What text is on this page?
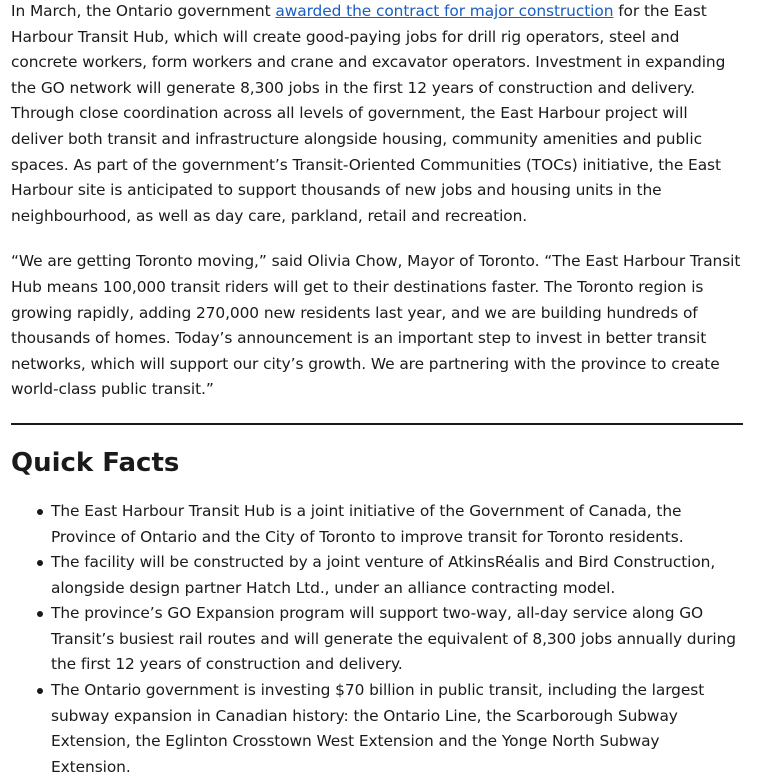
In March, the Ontario government awarded the contract for major construction for the East Harbour Transit Hub, which will create good-paying jobs for drill rig operators, steel and concrete workers, form workers and crane and excavator operators. Investment in expanding the GO network will generate 8,300 jobs in the first 12 years of construction and delivery. Through close coordination across all levels of government, the East Harbour project will deliver both transit and infrastructure alongside housing, community amenities and public spaces. As part of the government’s Transit-Oriented Communities (TOCs) initiative, the East Harbour site is anticipated to support thousands of new jobs and housing units in the neighbourhood, as well as day care, parkland, retail and recreation.

“We are getting Toronto moving,” said Olivia Chow, Mayor of Toronto. “The East Harbour Transit Hub means 100,000 transit riders will get to their destinations faster. The Toronto region is growing rapidly, adding 270,000 new residents last year, and we are building hundreds of thousands of homes. Today’s announcement is an important step to invest in better transit networks, which will support our city’s growth. We are partnering with the province to create world-class public transit.”

Quick Facts
The East Harbour Transit Hub is a joint initiative of the Government of Canada, the Province of Ontario and the City of Toronto to improve transit for Toronto residents.
The facility will be constructed by a joint venture of AtkinsRéalis and Bird Construction, alongside design partner Hatch Ltd., under an alliance contracting model.
The province’s GO Expansion program will support two-way, all-day service along GO Transit’s busiest rail routes and will generate the equivalent of 8,300 jobs annually during the first 12 years of construction and delivery.
The Ontario government is investing $70 billion in public transit, including the largest subway expansion in Canadian history: the Ontario Line, the Scarborough Subway Extension, the Eglinton Crosstown West Extension and the Yonge North Subway Extension.
